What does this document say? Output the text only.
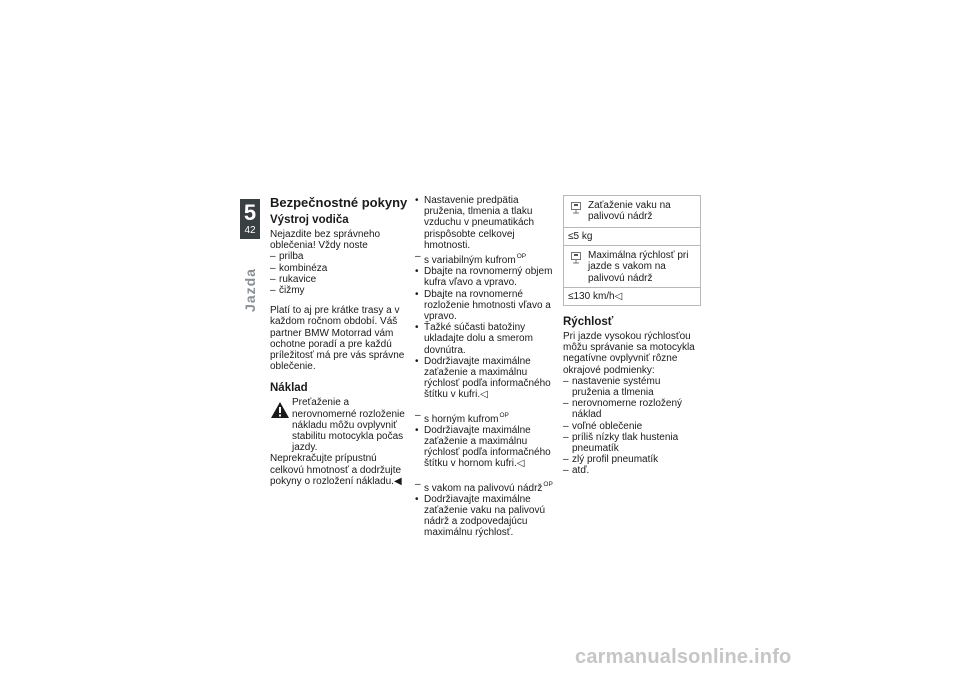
5
42
Jazda
Bezpečnostné pokyny
Výstroj vodiča

Nejazdite bez správneho oblečenia! Vždy noste

– prilba
– kombinéza
– rukavice
– čižmy

Platí to aj pre krátke trasy a v každom ročnom období. Váš partner BMW Motorrad vám ochotne poradí a pre každú príležitosť má pre vás správne oblečenie.

Náklad
Preťaženie a nerovnomerné rozloženie nákladu môžu ovplyvniť stabilitu motocykla počas jazdy.

Neprekračujte prípustnú celkovú hmotnosť a dodržujte pokyny o rozložení nákladu.◀

• Nastavenie predpätia pruženia, tlmenia a tlaku vzduchu v pneumatikách prispôsobte celkovej hmotnosti.
– s variabilným kufrom$^{OP}$
• Dbajte na rovnomerný objem kufra vľavo a vpravo.
• Dbajte na rovnomerné rozloženie hmotnosti vľavo a vpravo.
• Ťažké súčasti batožiny ukladajte dolu a smerom dovnútra.
• Dodržiavajte maximálne zaťaženie a maximálnu rýchlosť podľa informačného štítku v kufri.◁
– s horným kufrom$^{OP}$
• Dodržiavajte maximálne zaťaženie a maximálnu rýchlosť podľa informačného štítku v hornom kufri.◁
– s vakom na palivovú nádrž$^{OP}$
• Dodržiavajte maximálne zaťaženie vaku na palivovú nádrž a zodpovedajúcu maximálnu rýchlosť.
Zaťaženie vaku na palivovú nádrž
≤5 kg
Maximálna rýchlosť pri jazde s vakom na palivovú nádrž
≤130 km/h◁
Rýchlosť

Pri jazde vysokou rýchlosťou môžu správanie sa motocykla negatívne ovplyvniť rôzne okrajové podmienky:

– nastavenie systému pruženia a tlmenia
– nerovnomerne rozložený náklad
– voľné oblečenie
– príliš nízky tlak hustenia pneumatík
– zlý profil pneumatík
– atď.
carmanualsonline.info
